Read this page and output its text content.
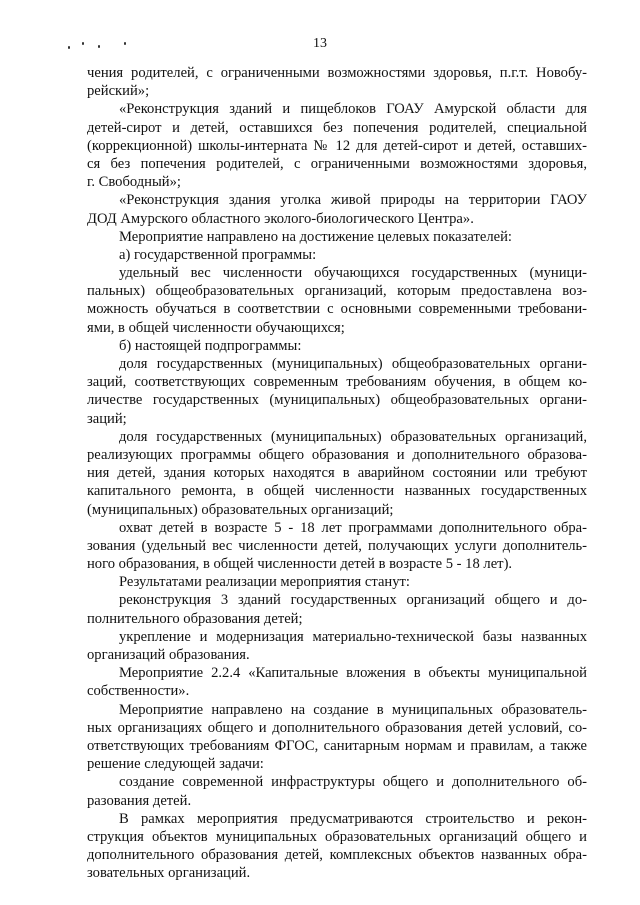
13
чения родителей, с ограниченными возможностями здоровья, п.г.т. Новобу-
рейский»;
«Реконструкция зданий и пищеблоков ГОАУ Амурской области для
детей-сирот и детей, оставшихся без попечения родителей, специальной
(коррекционной) школы-интерната № 12 для детей-сирот и детей, оставших-
ся без попечения родителей, с ограниченными возможностями здоровья,
г. Свободный»;
«Реконструкция здания уголка живой природы на территории ГАОУ
ДОД Амурского областного эколого-биологического Центра».
Мероприятие направлено на достижение целевых показателей:
а) государственной программы:
удельный вес численности обучающихся государственных (муници-
пальных) общеобразовательных организаций, которым предоставлена воз-
можность обучаться в соответствии с основными современными требовани-
ями, в общей численности обучающихся;
б) настоящей подпрограммы:
доля государственных (муниципальных) общеобразовательных органи-
заций, соответствующих современным требованиям обучения, в общем ко-
личестве государственных (муниципальных) общеобразовательных органи-
заций;
доля государственных (муниципальных) образовательных организаций,
реализующих программы общего образования и дополнительного образова-
ния детей, здания которых находятся в аварийном состоянии или требуют
капитального ремонта, в общей численности названных государственных
(муниципальных) образовательных организаций;
охват детей в возрасте 5 - 18 лет программами дополнительного обра-
зования (удельный вес численности детей, получающих услуги дополнитель-
ного образования, в общей численности детей в возрасте 5 - 18 лет).
Результатами реализации мероприятия станут:
реконструкция 3 зданий государственных организаций общего и до-
полнительного образования детей;
укрепление и модернизация материально-технической базы названных
организаций образования.
Мероприятие 2.2.4 «Капитальные вложения в объекты муниципальной
собственности».
Мероприятие направлено на создание в муниципальных образователь-
ных организациях общего и дополнительного образования детей условий, со-
ответствующих требованиям ФГОС, санитарным нормам и правилам, а также
решение следующей задачи:
создание современной инфраструктуры общего и дополнительного об-
разования детей.
В рамках мероприятия предусматриваются строительство и рекон-
струкция объектов муниципальных образовательных организаций общего и
дополнительного образования детей, комплексных объектов названных обра-
зовательных организаций.
